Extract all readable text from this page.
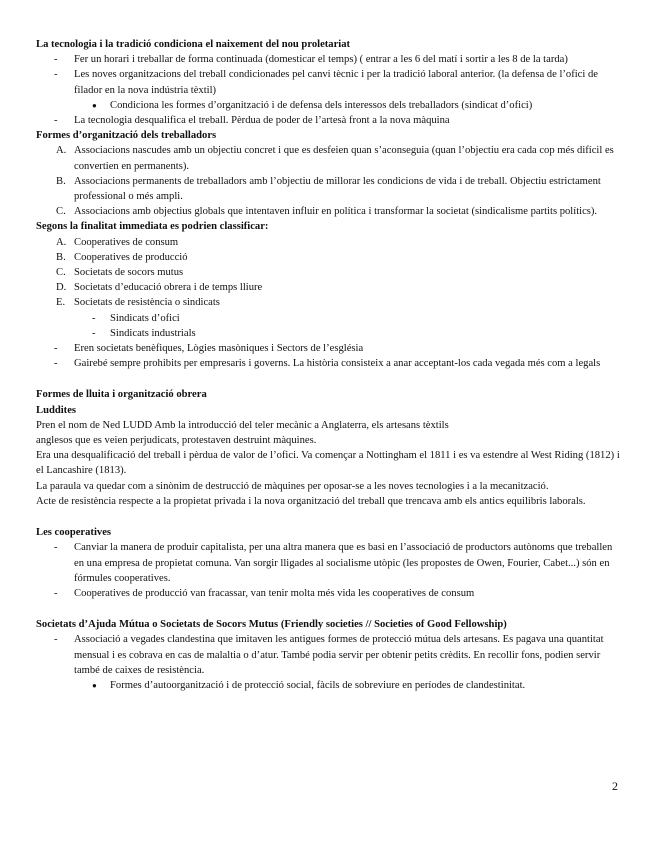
La tecnologia i la tradició condiciona el naixement del nou proletariat

- Fer un horari i treballar de forma continuada (domesticar el temps) ( entrar a les 6 del matí i sortir a les 8 de la tarda)
- Les noves organitzacions del treball condicionades pel canvi tècnic i per la tradició laboral anterior. (la defensa de l’ofici de filador en la nova indústria tèxtil)
● Condiciona les formes d’organització i de defensa dels interessos dels treballadors (sindicat d’ofici)
- La tecnologia desqualifica el treball. Pèrdua de poder de l’artesà front a la nova màquina

Formes d’organització dels treballadors

A. Associacions nascudes amb un objectiu concret i que es desfeien quan s’aconseguia (quan l’objectiu era cada cop més difícil es convertien en permanents).
B. Associacions permanents de treballadors amb l’objectiu de millorar les condicions de vida i de treball. Objectiu estrictament professional o més ampli.
C. Associacions amb objectius globals que intentaven influir en política i transformar la societat (sindicalisme partits polítics).

Segons la finalitat immediata es podrien classificar:

A. Cooperatives de consum
B. Cooperatives de producció
C. Societats de socors mutus
D. Societats d’educació obrera i de temps lliure
E. Societats de resistència o sindicats
- Sindicats d’ofici
- Sindicats industrials
- Eren societats benèfiques, Lògies masòniques i Sectors de l’església
- Gairebé sempre prohibits per empresaris i governs. La història consisteix a anar acceptant-los cada vegada més com a legals

Formes de lluita i organització obrera

Luddites

Pren el nom de Ned LUDD Amb la introducció del teler mecànic a Anglaterra, els artesans tèxtils

anglesos que es veien perjudicats, protestaven destruint màquines.

Era una desqualificació del treball i pèrdua de valor de l’ofici. Va començar a Nottingham el 1811 i es va estendre al West Riding (1812) i el Lancashire (1813).

La paraula va quedar com a sinònim de destrucció de màquines per oposar-se a les noves tecnologies i a la mecanització.

Acte de resistència respecte a la propietat privada i la nova organització del treball que trencava amb els antics equilibris laborals.

Les cooperatives

- Canviar la manera de produir capitalista, per una altra manera que es basi en l’associació de productors autònoms que treballen en una empresa de propietat comuna. Van sorgir lligades al socialisme utòpic (les propostes de Owen, Fourier, Cabet...) són en fórmules cooperatives.
- Cooperatives de producció van fracassar, van tenir molta més vida les cooperatives de consum

Societats d’Ajuda Mútua o Societats de Socors Mutus (Friendly societies // Societies of Good Fellowship)

- Associació a vegades clandestina que imitaven les antigues formes de protecció mútua dels artesans. Es pagava una quantitat mensual i es cobrava en cas de malaltia o d’atur. També podia servir per obtenir petits crèdits. En recollir fons, podien servir també de caixes de resistència.
● Formes d’autoorganització i de protecció social, fàcils de sobreviure en períodes de clandestinitat.
2
